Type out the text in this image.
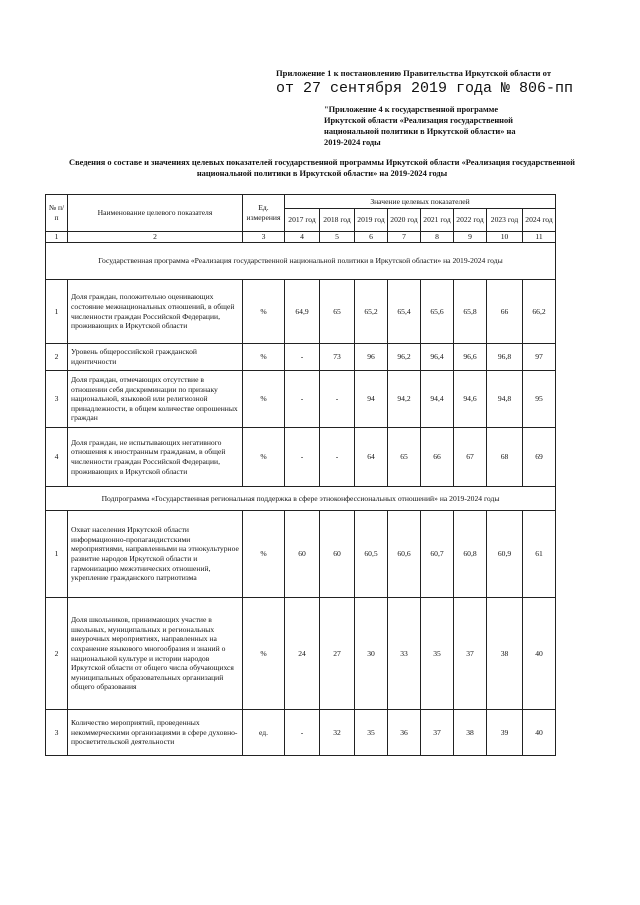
Приложение 1 к постановлению Правительства Иркутской области от
от 27 сентября 2019 года № 806-пп
"Приложение 4 к государственной программе Иркутской области «Реализация государственной национальной политики в Иркутской области» на 2019-2024 годы
Сведения о составе и значениях целевых показателей государственной программы Иркутской области «Реализация государственной национальной политики в Иркутской области» на 2019-2024 годы
№ п/п	Наименование целевого показателя	Ед. измерения	Значение целевых показателей							
			2017 год	2018 год	2019 год	2020 год	2021 год	2022 год	2023 год	2024 год
1	2	3	4	5	6	7	8	9	10	11
Государственная программа «Реализация государственной национальной политики в Иркутской области» на 2019-2024 годы										
1	Доля граждан, положительно оценивающих состояние межнациональных отношений, в общей численности граждан Российской Федерации, проживающих в Иркутской области	%	64,9	65	65,2	65,4	65,6	65,8	66	66,2
2	Уровень общероссийской гражданской идентичности	%	-	73	96	96,2	96,4	96,6	96,8	97
3	Доля граждан, отмечающих отсутствие в отношении себя дискриминации по признаку национальной, языковой или религиозной принадлежности, в общем количестве опрошенных граждан	%	-	-	94	94,2	94,4	94,6	94,8	95
4	Доля граждан, не испытывающих негативного отношения к иностранным гражданам, в общей численности граждан Российской Федерации, проживающих в Иркутской области	%	-	-	64	65	66	67	68	69
Подпрограмма «Государственная региональная поддержка в сфере этноконфессиональных отношений» на 2019-2024 годы										
1	Охват населения Иркутской области информационно-пропагандистскими мероприятиями, направленными на этнокультурное развитие народов Иркутской области и гармонизацию межэтнических отношений, укрепление гражданского патриотизма	%	60	60	60,5	60,6	60,7	60,8	60,9	61
2	Доля школьников, принимающих участие в школьных, муниципальных и региональных внеурочных мероприятиях, направленных на сохранение языкового многообразия и знаний о национальной культуре и истории народов Иркутской области от общего числа обучающихся муниципальных образовательных организаций общего образования	%	24	27	30	33	35	37	38	40
3	Количество мероприятий, проведенных некоммерческими организациями в сфере духовно-просветительской деятельности	ед.	-	32	35	36	37	38	39	40
